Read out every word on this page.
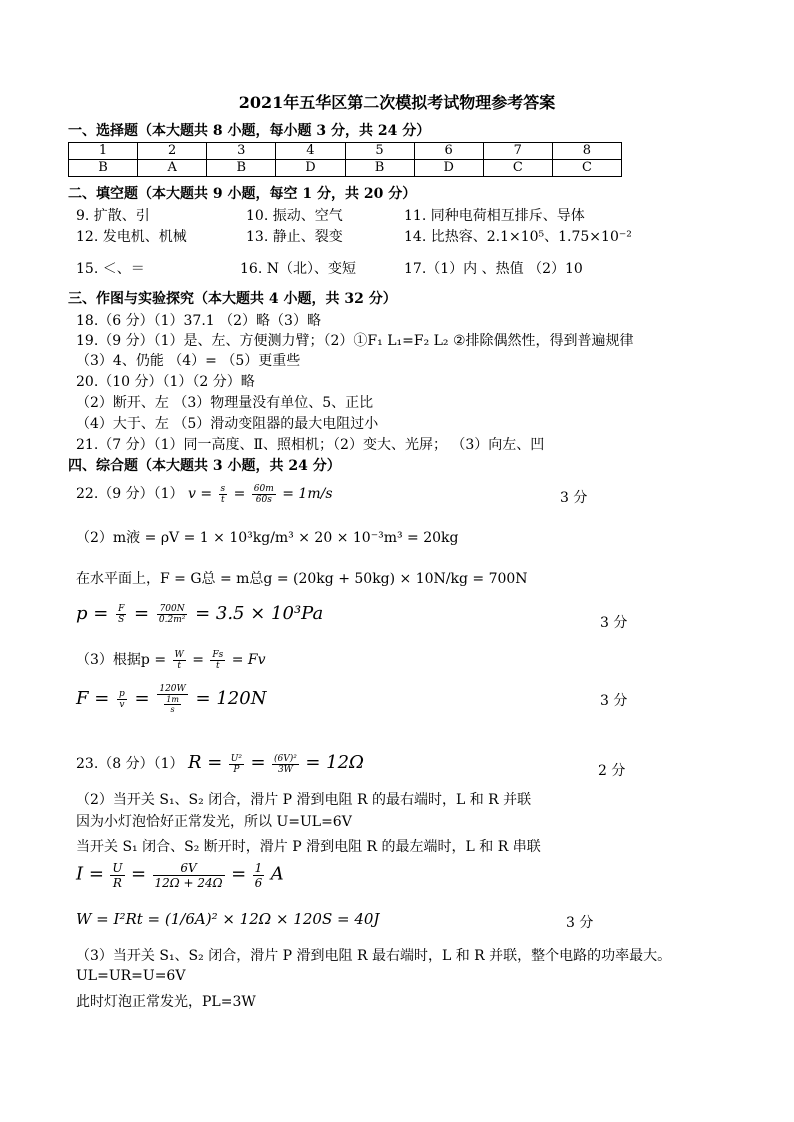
2021年五华区第二次模拟考试物理参考答案
一、选择题（本大题共 8 小题，每小题 3 分，共 24 分）
1	2	3	4	5	6	7	8
B	A	B	D	B	D	C	C
二、填空题（本大题共 9 小题，每空 1 分，共 20 分）
9. 扩散、引	10. 振动、空气	11. 同种电荷相互排斥、导体
12. 发电机、机械	13. 静止、裂变	14. 比热容、2.1×10⁵、1.75×10⁻²
15. ＜、＝	16. N（北）、变短	17.（1）内 、热值 （2）10
三、作图与实验探究（本大题共 4 小题，共 32 分）
18.（6 分）（1）37.1 （2）略（3）略
19.（9 分）（1）是、左、方便测力臂；（2）①F₁ L₁=F₂ L₂ ②排除偶然性，得到普遍规律
（3）4、仍能 （4）= （5）更重些
20.（10 分）（1）（2 分）略
（2）断开、左 （3）物理量没有单位、5、正比
（4）大于、左 （5）滑动变阻器的最大电阻过小
21.（7 分）（1）同一高度、Ⅱ、照相机；（2）变大、光屏； （3）向左、凹
四、综合题（本大题共 3 小题，共 24 分）
22.（9 分）（1） $v = \frac{s}{t} = \frac{60m}{60s} = 1m/s$	3 分
（2）m液 = ρV = 1 × 10³kg/m³ × 20 × 10⁻³m³ = 20kg
在水平面上，F = G总 = m总g = (20kg + 50kg) × 10N/kg = 700N
$p = \frac{F}{S} = \frac{700N}{\text{0.2m²}} = 3.5 \times 10^3Pa$	3 分
（3）根据$p = \frac{W}{t} = \frac{Fs}{t} = Fv$
$F = \frac{p}{v} = \frac{120W}{\frac{1m}{s}} = 120N$	3 分
23.（8 分）（1） $R = \frac{\text{U²}}{P} = \frac{\text{(6V)²}}{3W} = 12\Omega$	2 分
（2）当开关 S₁、S₂ 闭合，滑片 P 滑到电阻 R 的最右端时，L 和 R 并联
因为小灯泡恰好正常发光，所以 U=UL=6V
当开关 S₁ 闭合、S₂ 断开时，滑片 P 滑到电阻 R 的最左端时，L 和 R 串联
$I = \frac{U}{R} = \frac{6V}{12\Omega + 24\Omega} = \frac{1}{6}$ A
W = I²Rt = (1/6A)² × 12Ω × 120S = 40J	3 分
（3）当开关 S₁、S₂ 闭合，滑片 P 滑到电阻 R 最右端时，L 和 R 并联，整个电路的功率最大。
UL=UR=U=6V
此时灯泡正常发光，PL=3W
